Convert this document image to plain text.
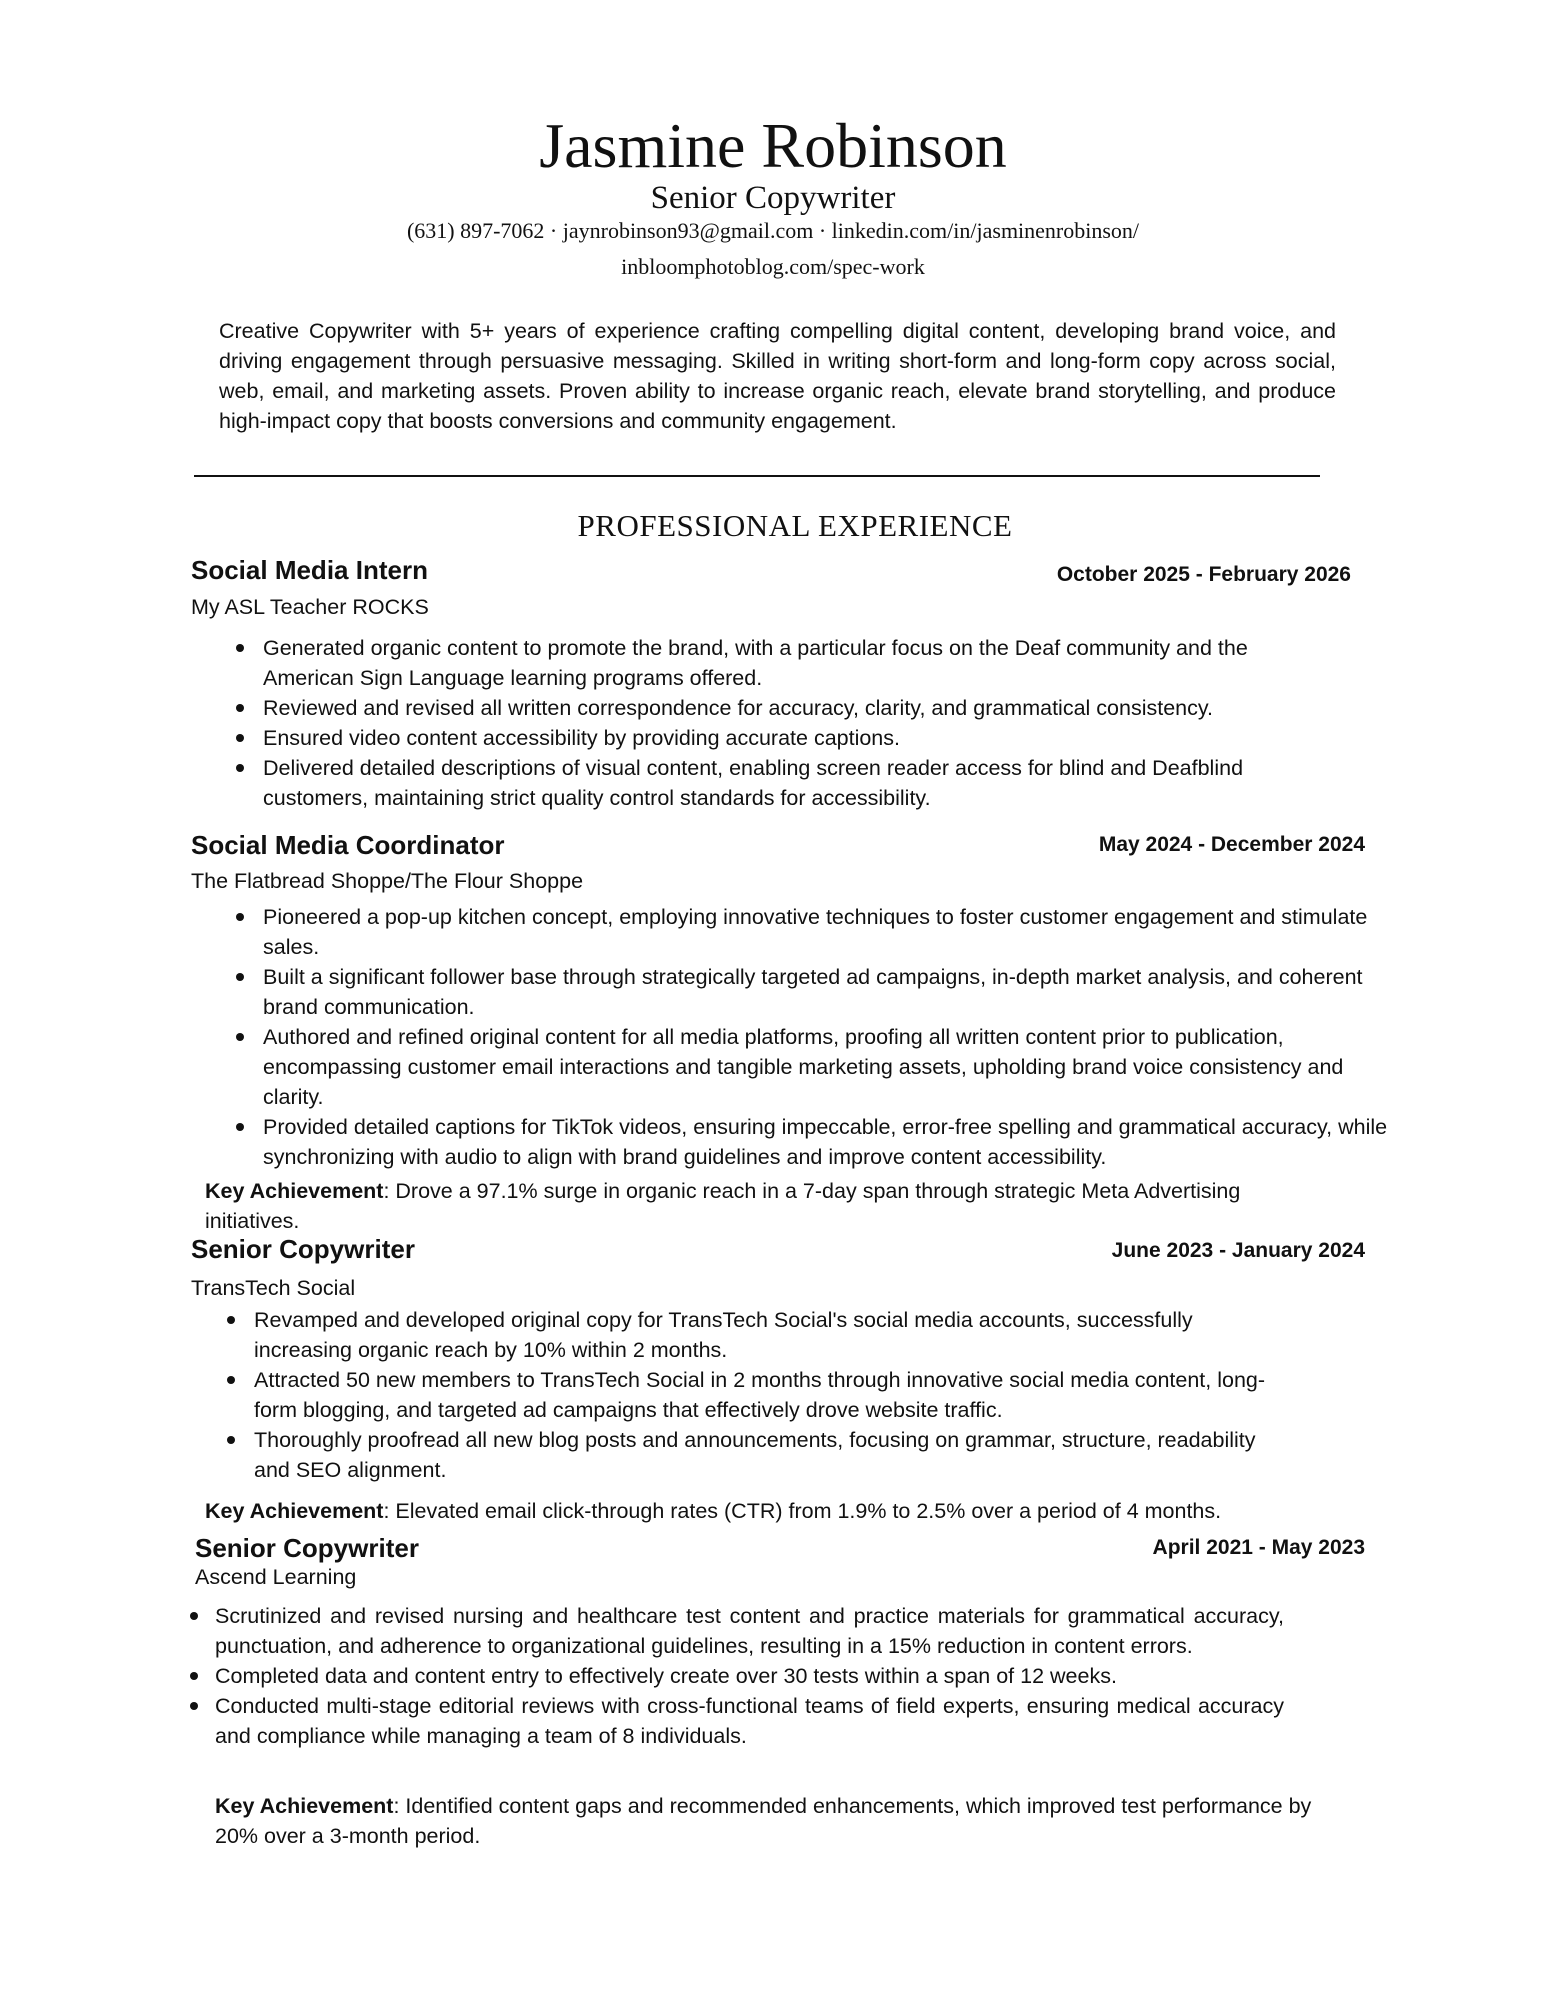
Jasmine Robinson
Senior Copywriter
(631) 897-7062 · jaynrobinson93@gmail.com · linkedin.com/in/jasminenrobinson/
inbloomphotoblog.com/spec-work
Creative Copywriter with 5+ years of experience crafting compelling digital content, developing brand voice, and driving engagement through persuasive messaging. Skilled in writing short-form and long-form copy across social, web, email, and marketing assets. Proven ability to increase organic reach, elevate brand storytelling, and produce high-impact copy that boosts conversions and community engagement.
PROFESSIONAL EXPERIENCE
Social Media Intern	October 2025 - February 2026
My ASL Teacher ROCKS
Generated organic content to promote the brand, with a particular focus on the Deaf community and the American Sign Language learning programs offered.
Reviewed and revised all written correspondence for accuracy, clarity, and grammatical consistency.
Ensured video content accessibility by providing accurate captions.
Delivered detailed descriptions of visual content, enabling screen reader access for blind and Deafblind customers, maintaining strict quality control standards for accessibility.
Social Media Coordinator	May 2024 - December 2024
The Flatbread Shoppe/The Flour Shoppe
Pioneered a pop-up kitchen concept, employing innovative techniques to foster customer engagement and stimulate sales.
Built a significant follower base through strategically targeted ad campaigns, in-depth market analysis, and coherent brand communication.
Authored and refined original content for all media platforms, proofing all written content prior to publication, encompassing customer email interactions and tangible marketing assets, upholding brand voice consistency and clarity.
Provided detailed captions for TikTok videos, ensuring impeccable, error-free spelling and grammatical accuracy, while synchronizing with audio to align with brand guidelines and improve content accessibility.
Key Achievement: Drove a 97.1% surge in organic reach in a 7-day span through strategic Meta Advertising initiatives.
Senior Copywriter	June 2023 - January 2024
TransTech Social
Revamped and developed original copy for TransTech Social's social media accounts, successfully increasing organic reach by 10% within 2 months.
Attracted 50 new members to TransTech Social in 2 months through innovative social media content, long-form blogging, and targeted ad campaigns that effectively drove website traffic.
Thoroughly proofread all new blog posts and announcements, focusing on grammar, structure, readability and SEO alignment.
Key Achievement: Elevated email click-through rates (CTR) from 1.9% to 2.5% over a period of 4 months.
Senior Copywriter	April 2021 - May 2023
Ascend Learning
Scrutinized and revised nursing and healthcare test content and practice materials for grammatical accuracy, punctuation, and adherence to organizational guidelines, resulting in a 15% reduction in content errors.
Completed data and content entry to effectively create over 30 tests within a span of 12 weeks.
Conducted multi-stage editorial reviews with cross-functional teams of field experts, ensuring medical accuracy and compliance while managing a team of 8 individuals.
Key Achievement: Identified content gaps and recommended enhancements, which improved test performance by 20% over a 3-month period.
